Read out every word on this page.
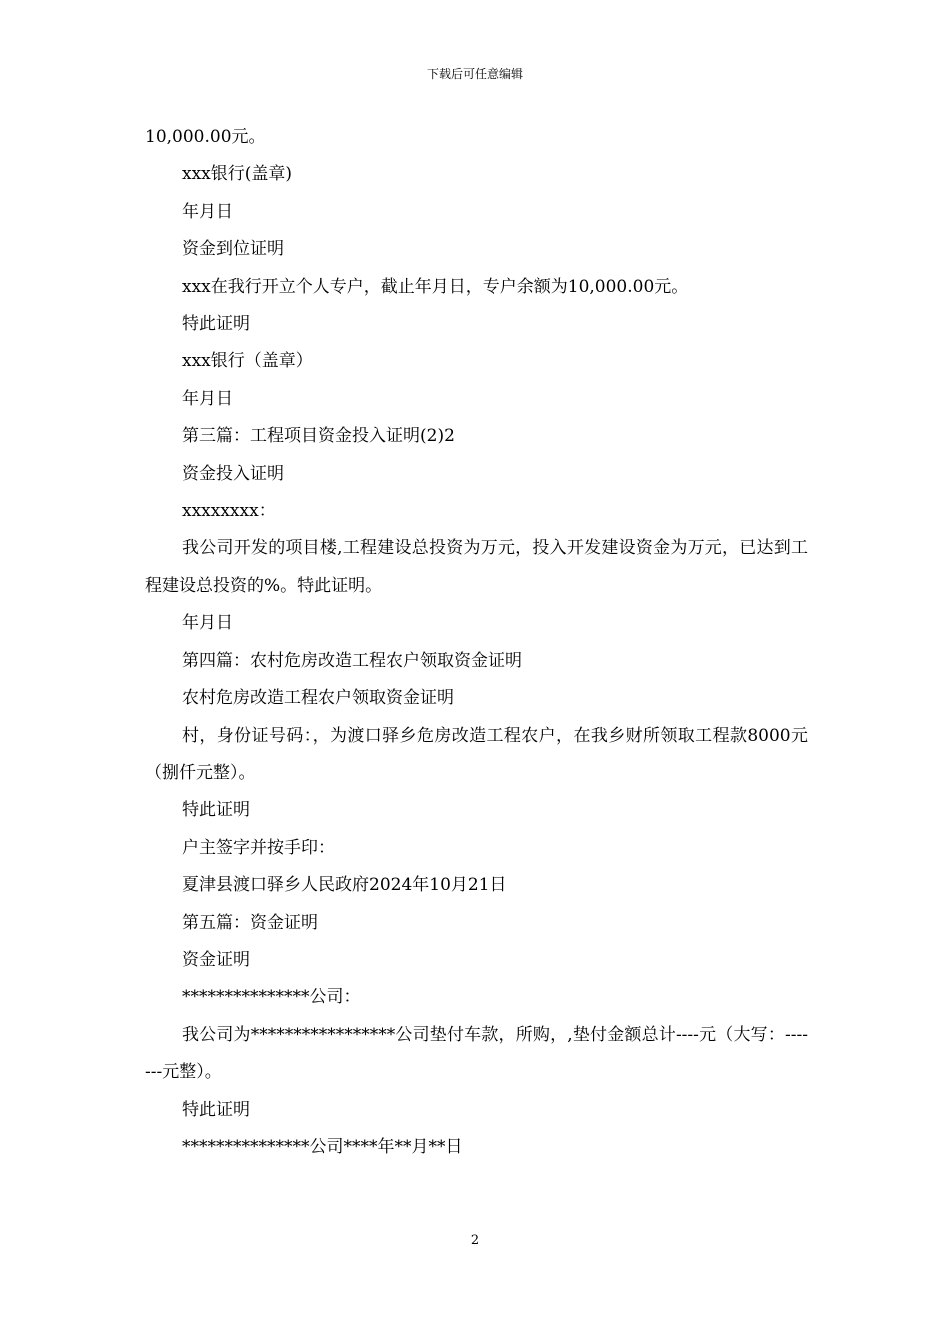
下载后可任意编辑

10,000.00元。

xxx银行(盖章)

年月日

资金到位证明

xxx在我行开立个人专户，截止年月日，专户余额为10,000.00元。

特此证明

xxx银行（盖章）

年月日

第三篇：工程项目资金投入证明(2)2

资金投入证明

xxxxxxxx：

我公司开发的项目楼,工程建设总投资为万元，投入开发建设资金为万元，已达到工程建设总投资的%。特此证明。

年月日

第四篇：农村危房改造工程农户领取资金证明

农村危房改造工程农户领取资金证明

村，身份证号码：，为渡口驿乡危房改造工程农户，在我乡财所领取工程款8000元（捌仟元整）。

特此证明

户主签字并按手印：

夏津县渡口驿乡人民政府2024年10月21日

第五篇：资金证明

资金证明

***************公司：

我公司为*****************公司垫付车款，所购，,垫付金额总计----元（大写：-------元整）。

特此证明

***************公司****年**月**日

2
